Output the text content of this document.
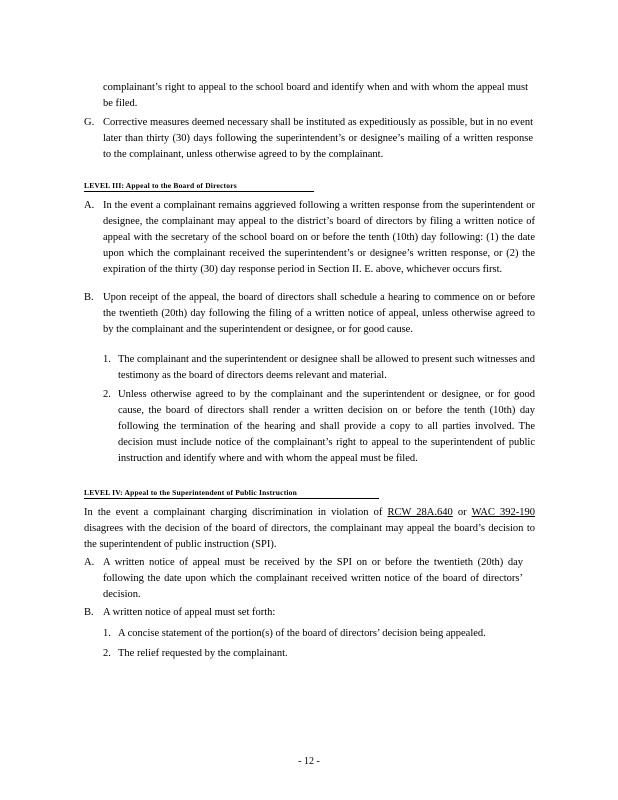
complainant’s right to appeal to the school board and identify when and with whom the appeal must be filed.

G. Corrective measures deemed necessary shall be instituted as expeditiously as possible, but in no event later than thirty (30) days following the superintendent’s or designee’s mailing of a written response to the complainant, unless otherwise agreed to by the complainant.

LEVEL III: Appeal to the Board of Directors
A. In the event a complainant remains aggrieved following a written response from the superintendent or designee, the complainant may appeal to the district’s board of directors by filing a written notice of appeal with the secretary of the school board on or before the tenth (10th) day following: (1) the date upon which the complainant received the superintendent’s or designee’s written response, or (2) the expiration of the thirty (30) day response period in Section II. E. above, whichever occurs first.

B. Upon receipt of the appeal, the board of directors shall schedule a hearing to commence on or before the twentieth (20th) day following the filing of a written notice of appeal, unless otherwise agreed to by the complainant and the superintendent or designee, or for good cause.

1. The complainant and the superintendent or designee shall be allowed to present such witnesses and testimony as the board of directors deems relevant and material.

2. Unless otherwise agreed to by the complainant and the superintendent or designee, or for good cause, the board of directors shall render a written decision on or before the tenth (10th) day following the termination of the hearing and shall provide a copy to all parties involved. The decision must include notice of the complainant’s right to appeal to the superintendent of public instruction and identify where and with whom the appeal must be filed.

LEVEL IV: Appeal to the Superintendent of Public Instruction

In the event a complainant charging discrimination in violation of RCW 28A.640 or WAC 392-190 disagrees with the decision of the board of directors, the complainant may appeal the board’s decision to the superintendent of public instruction (SPI).

A. A written notice of appeal must be received by the SPI on or before the twentieth (20th) day following the date upon which the complainant received written notice of the board of directors’ decision.

B. A written notice of appeal must set forth:

1. A concise statement of the portion(s) of the board of directors’ decision being appealed.

2. The relief requested by the complainant.

- 12 -
